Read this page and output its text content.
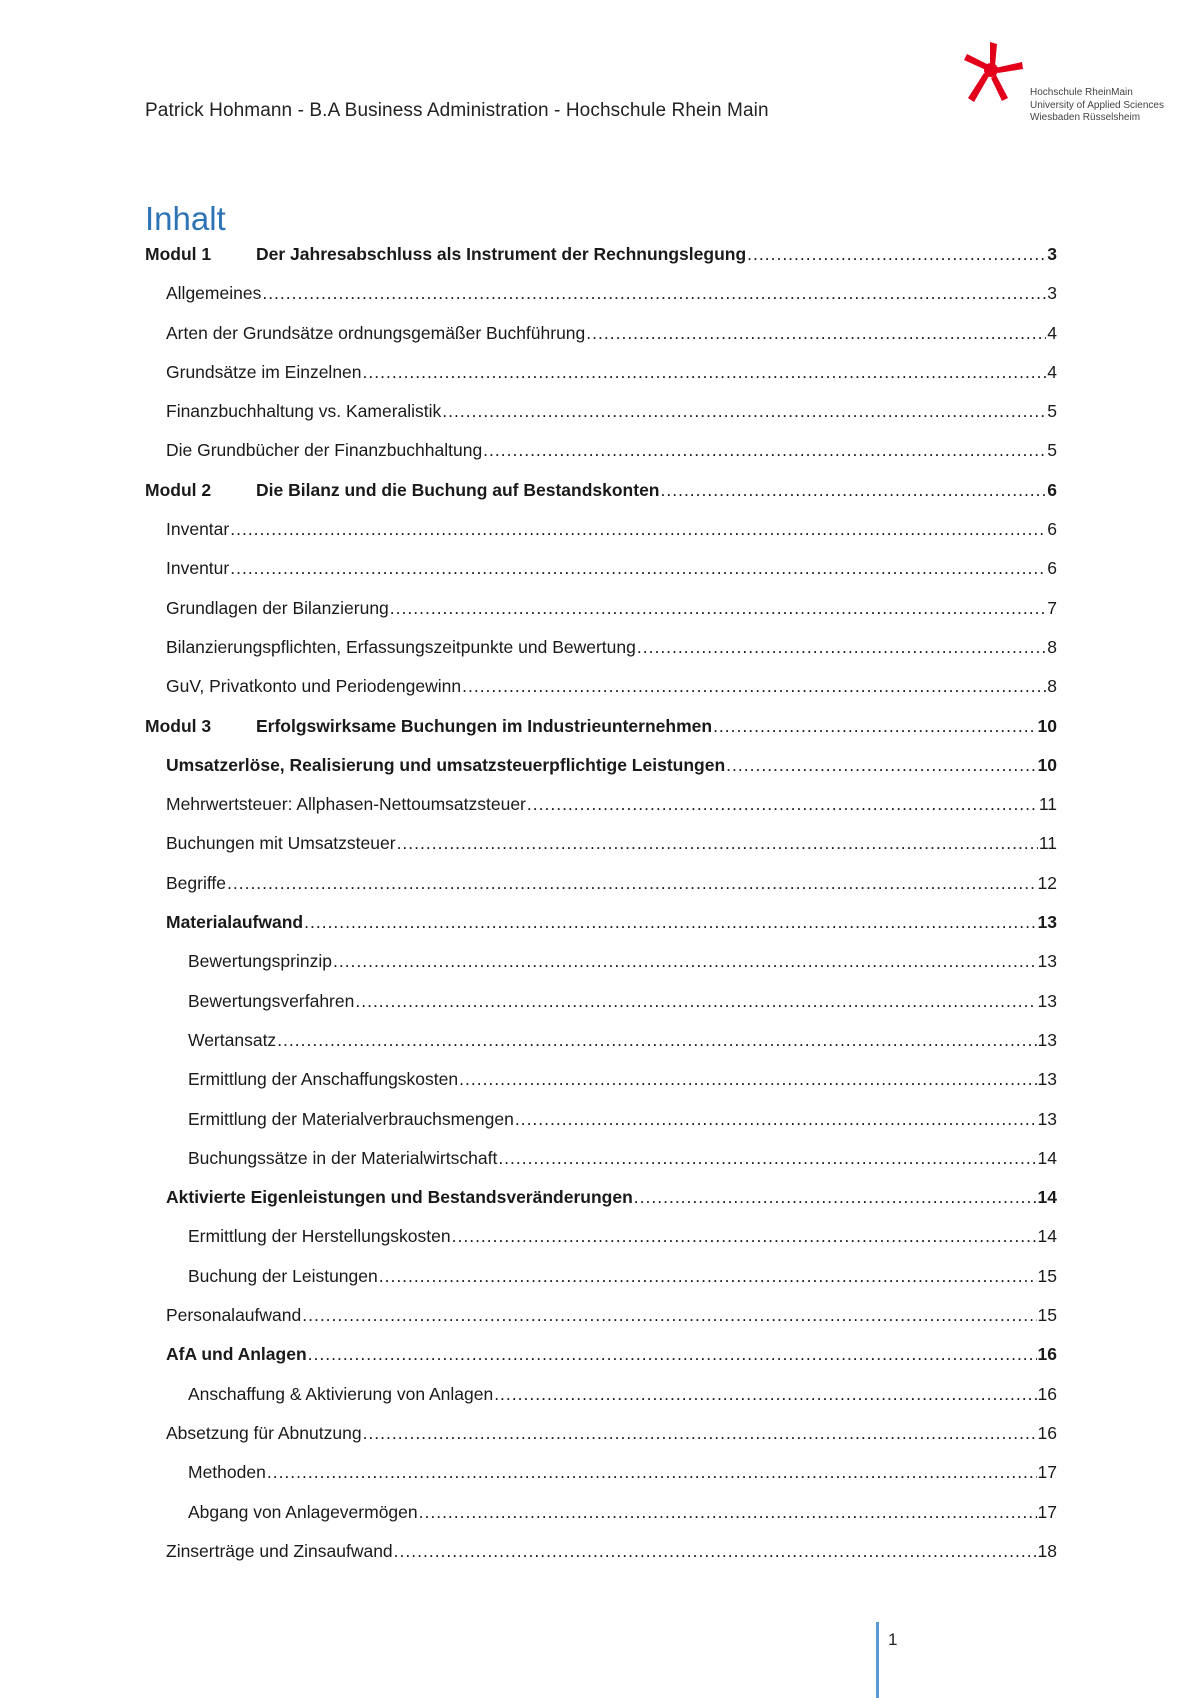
Patrick Hohmann - B.A Business Administration - Hochschule Rhein Main
Hochschule RheinMain
University of Applied Sciences
Wiesbaden Rüsselsheim
Inhalt
Modul 1	Der Jahresabschluss als Instrument der Rechnungslegung .....	3
Allgemeines .....	3
Arten der Grundsätze ordnungsgemäßer Buchführung .....	4
Grundsätze im Einzelnen .....	4
Finanzbuchhaltung vs. Kameralistik .....	5
Die Grundbücher der Finanzbuchhaltung .....	5
Modul 2	Die Bilanz und die Buchung auf Bestandskonten .....	6
Inventar .....	6
Inventur .....	6
Grundlagen der Bilanzierung .....	7
Bilanzierungspflichten, Erfassungszeitpunkte und Bewertung .....	8
GuV, Privatkonto und Periodengewinn .....	8
Modul 3	Erfolgswirksame Buchungen im Industrieunternehmen .....	10
Umsatzerlöse, Realisierung und umsatzsteuerpflichtige Leistungen .....	10
Mehrwertsteuer: Allphasen-Nettoumsatzsteuer .....	11
Buchungen mit Umsatzsteuer .....	11
Begriffe .....	12
Materialaufwand .....	13
Bewertungsprinzip .....	13
Bewertungsverfahren .....	13
Wertansatz .....	13
Ermittlung der Anschaffungskosten .....	13
Ermittlung der Materialverbrauchsmengen .....	13
Buchungssätze in der Materialwirtschaft .....	14
Aktivierte Eigenleistungen und Bestandsveränderungen .....	14
Ermittlung der Herstellungskosten .....	14
Buchung der Leistungen .....	15
Personalaufwand .....	15
AfA und Anlagen .....	16
Anschaffung & Aktivierung von Anlagen .....	16
Absetzung für Abnutzung .....	16
Methoden .....	17
Abgang von Anlagevermögen .....	17
Zinserträge und Zinsaufwand .....	18
1
